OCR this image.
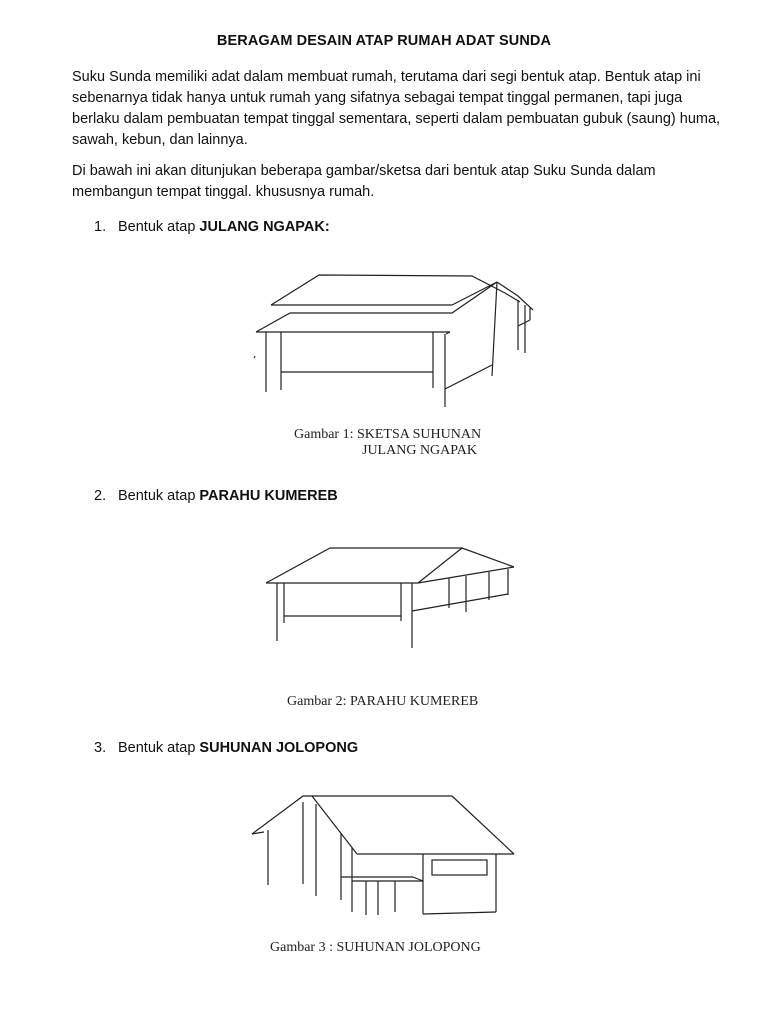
BERAGAM DESAIN ATAP RUMAH ADAT SUNDA

Suku Sunda memiliki adat dalam membuat rumah, terutama dari segi bentuk atap. Bentuk atap ini sebenarnya tidak hanya untuk rumah yang sifatnya sebagai tempat tinggal permanen, tapi juga berlaku dalam pembuatan tempat tinggal sementara, seperti dalam pembuatan gubuk (saung) huma, sawah, kebun, dan lainnya.

Di bawah ini akan ditunjukan beberapa gambar/sketsa dari bentuk atap Suku Sunda dalam membangun tempat tinggal. khususnya rumah.

1. Bentuk atap JULANG NGAPAK:
Gambar 1: SKETSA SUHUNAN
JULANG NGAPAK
2. Bentuk atap PARAHU KUMEREB
Gambar 2: PARAHU KUMEREB
3. Bentuk atap SUHUNAN JOLOPONG
Gambar 3 : SUHUNAN JOLOPONG
